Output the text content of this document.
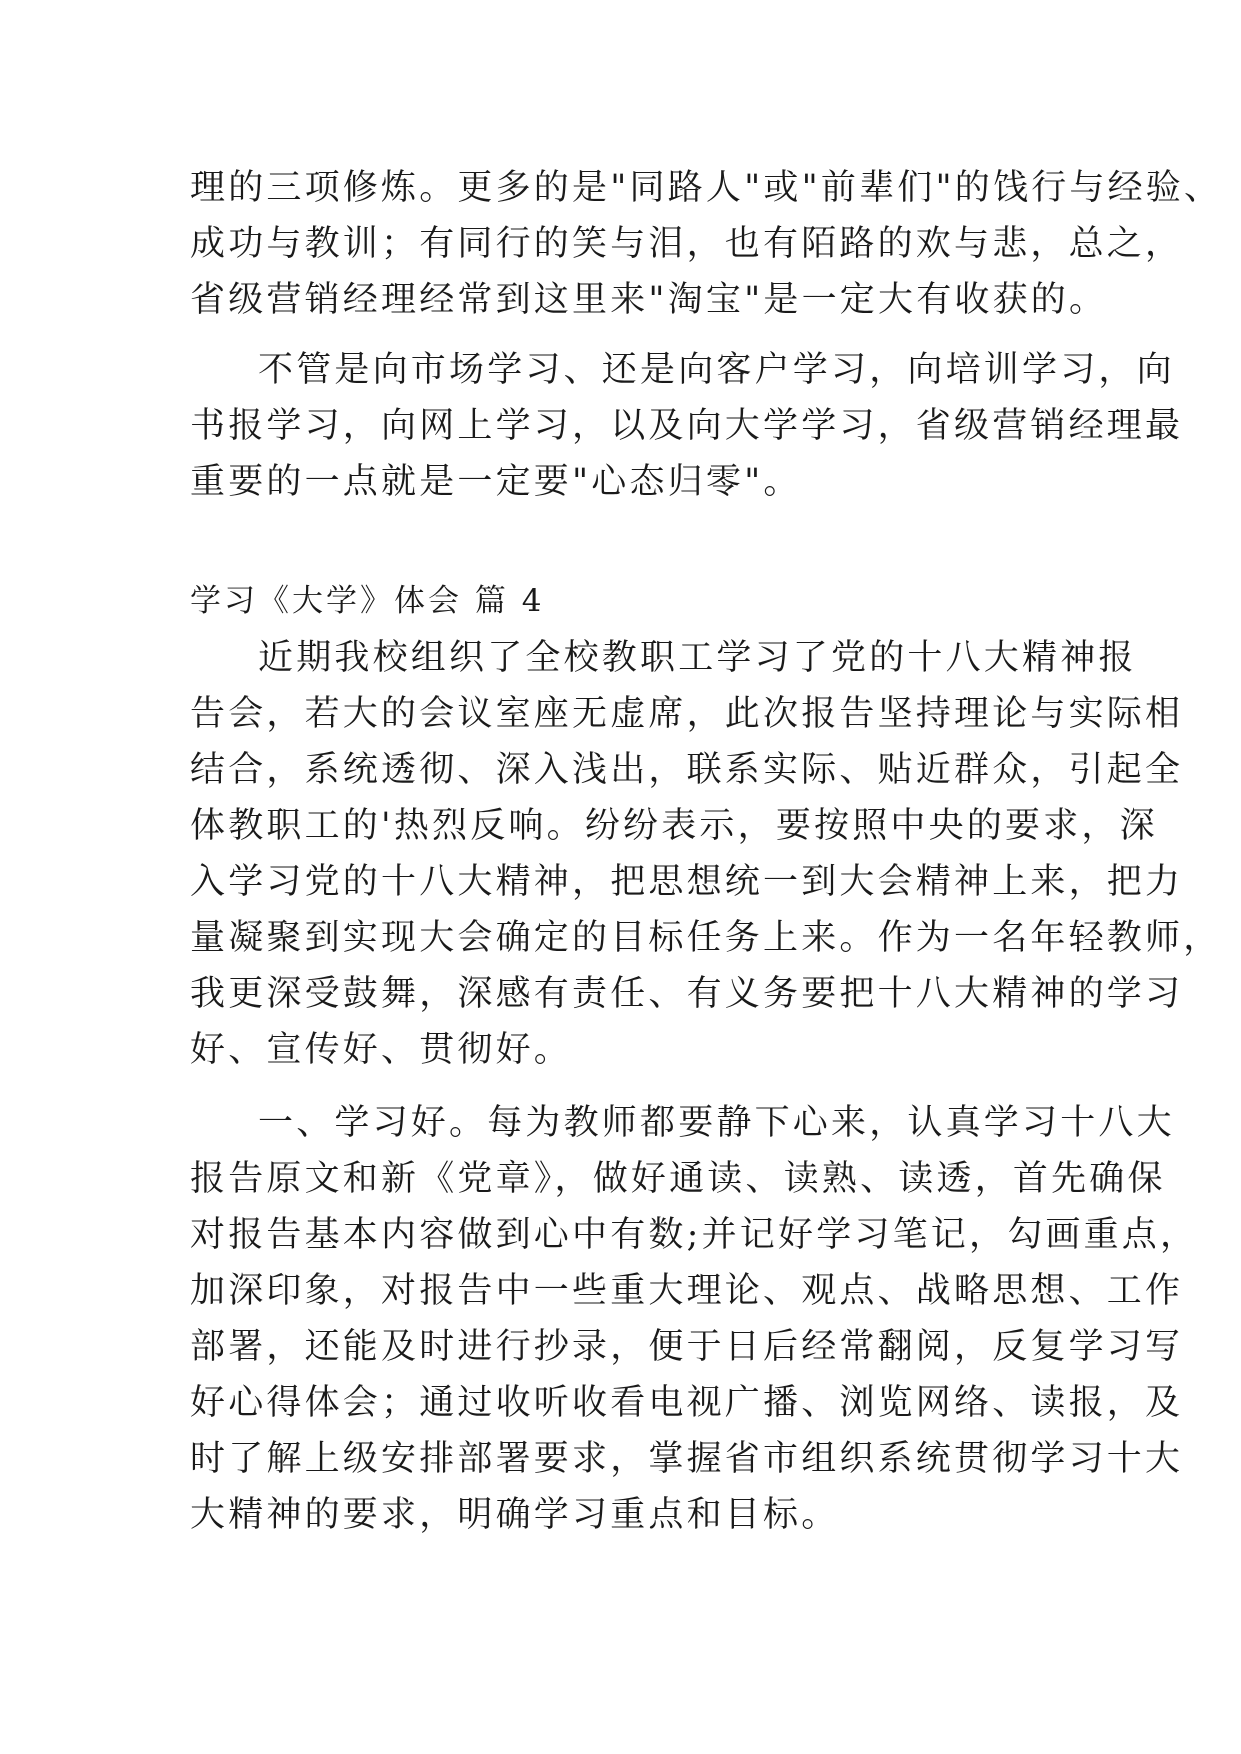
理的三项修炼。更多的是"同路人"或"前辈们"的饯行与经验、
成功与教训；有同行的笑与泪，也有陌路的欢与悲，总之，
省级营销经理经常到这里来"淘宝"是一定大有收获的。
不管是向市场学习、还是向客户学习，向培训学习，向
书报学习，向网上学习，以及向大学学习，省级营销经理最
重要的一点就是一定要"心态归零"。
学习《大学》体会 篇 4
近期我校组织了全校教职工学习了党的十八大精神报
告会，若大的会议室座无虚席，此次报告坚持理论与实际相
结合，系统透彻、深入浅出，联系实际、贴近群众，引起全
体教职工的'热烈反响。纷纷表示，要按照中央的要求，深
入学习党的十八大精神，把思想统一到大会精神上来，把力
量凝聚到实现大会确定的目标任务上来。作为一名年轻教师，
我更深受鼓舞，深感有责任、有义务要把十八大精神的学习
好、宣传好、贯彻好。
一、学习好。每为教师都要静下心来，认真学习十八大
报告原文和新《党章》，做好通读、读熟、读透，首先确保
对报告基本内容做到心中有数;并记好学习笔记，勾画重点，
加深印象，对报告中一些重大理论、观点、战略思想、工作
部署，还能及时进行抄录，便于日后经常翻阅，反复学习写
好心得体会；通过收听收看电视广播、浏览网络、读报，及
时了解上级安排部署要求，掌握省市组织系统贯彻学习十大
大精神的要求，明确学习重点和目标。
